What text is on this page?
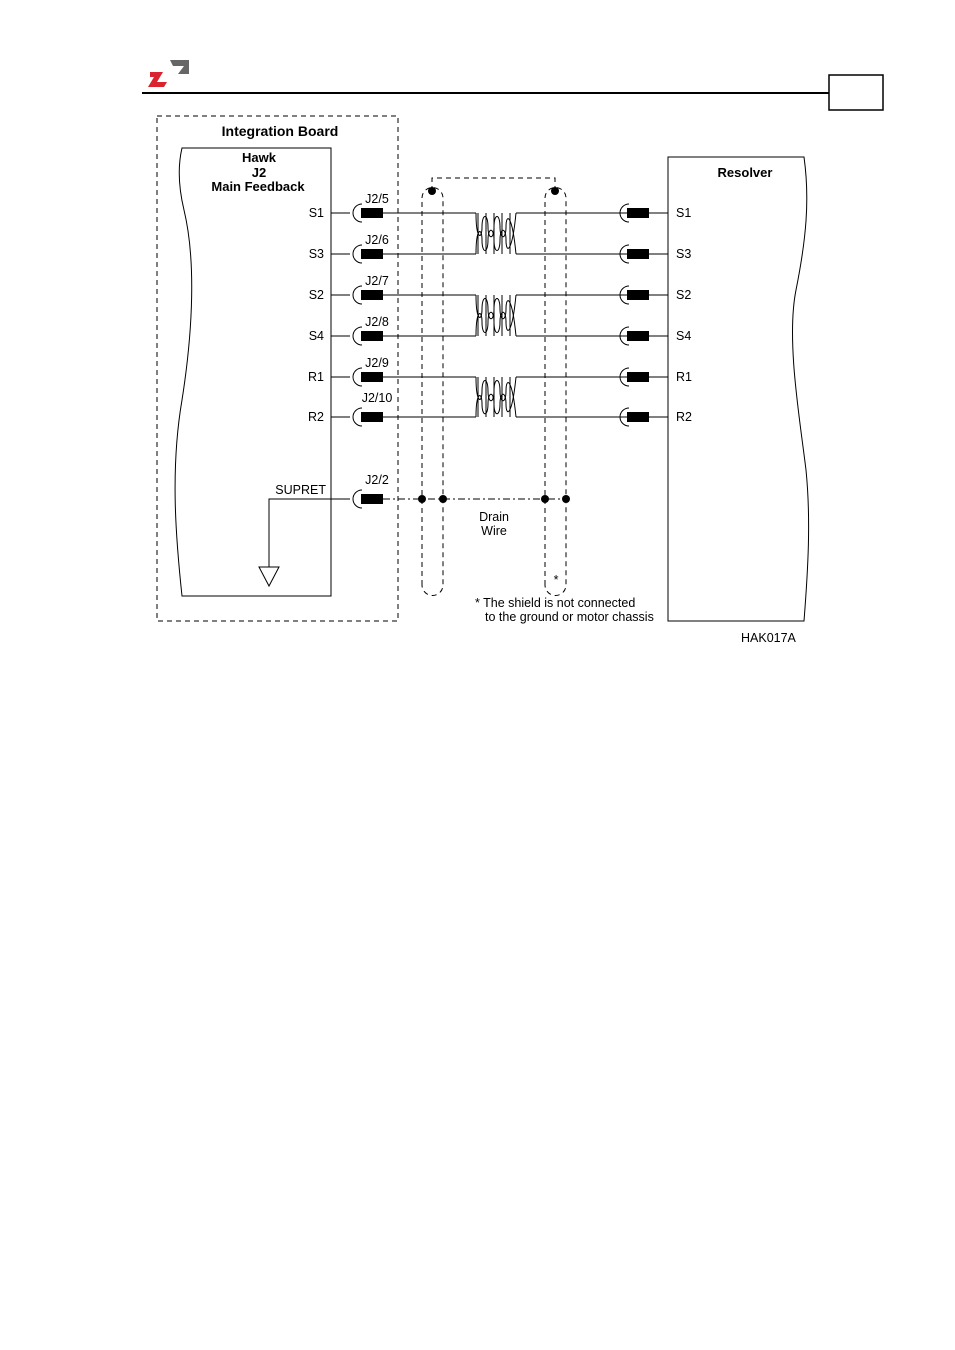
Integration Board
Hawk
J2
Main Feedback
Resolver
S1
J2/5
S1
S3
J2/6
S3
S2
J2/7
S2
S4
J2/8
S4
R1
J2/9
R1
R2
J2/10
R2
SUPRET
J2/2
Drain
Wire
*
* The shield is not connected
to the ground or motor chassis
HAK017A
